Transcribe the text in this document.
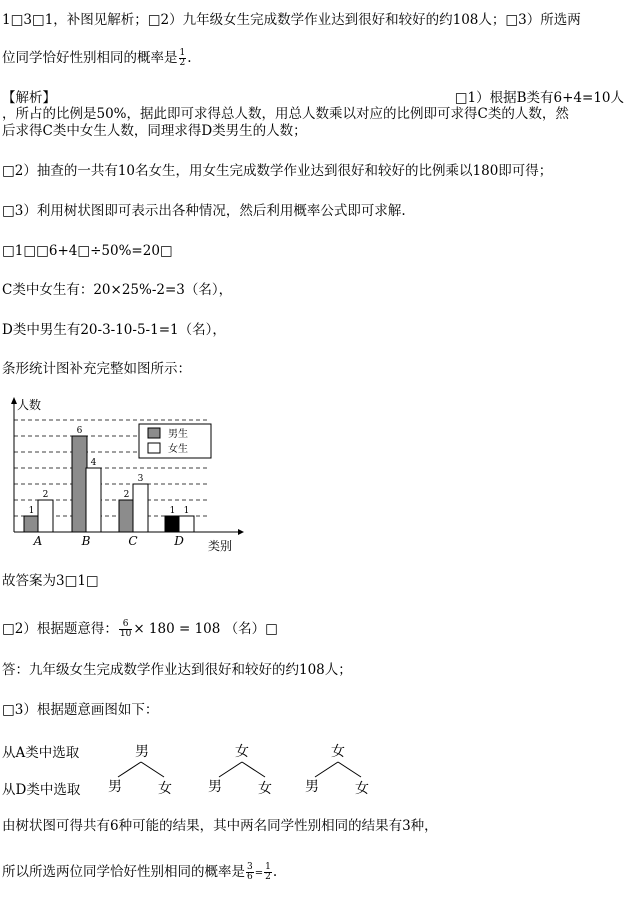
1□3□1，补图见解析；□2）九年级女生完成数学作业达到很好和较好的约108人；□3）所选两
位同学恰好性别相同的概率是 $\frac{1}{2}$ .
【解析】	□1）根据B类有6+4=10人
，所占的比例是50%，据此即可求得总人数，用总人数乘以对应的比例即可求得C类的人数，然
后求得C类中女生人数，同理求得D类男生的人数；
□2）抽查的一共有10名女生，用女生完成数学作业达到很好和较好的比例乘以180即可得；
□3）利用树状图即可表示出各种情况，然后利用概率公式即可求解.
□1□□6+4□÷50%=20□
C类中女生有：20×25%-2=3（名），
D类中男生有20-3-10-5-1=1（名），
条形统计图补充完整如图所示：
人数
类别
1
2
A
6
4
B
2
3
C
1 1
D
男生
女生
故答案为3□1□
□2）根据题意得： $\frac{6}{10} \times 180 = 108$ （名）□
答：九年级女生完成数学作业达到很好和较好的约108人；
□3）根据题意画图如下：
从A类中选取
从D类中选取
男	女	女
男	女	男	女 男	女
由树状图可得共有6种可能的结果，其中两名同学性别相同的结果有3种，
所以所选两位同学恰好性别相同的概率是 $\frac{3}{6} = \frac{1}{2}$ .
